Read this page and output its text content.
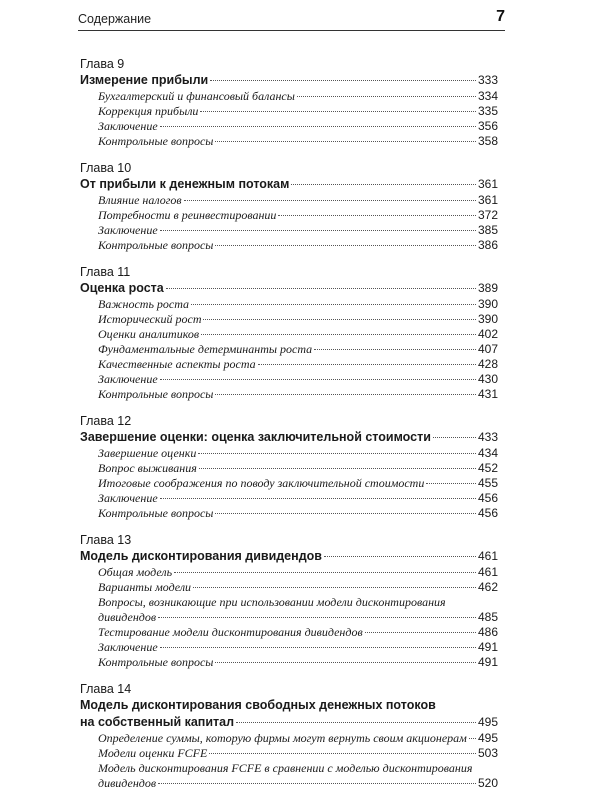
Содержание	7
Глава 9
Измерение прибыли	333
Бухгалтерский и финансовый балансы	334
Коррекция прибыли	335
Заключение	356
Контрольные вопросы	358
Глава 10
От прибыли к денежным потокам	361
Влияние налогов	361
Потребности в реинвестировании	372
Заключение	385
Контрольные вопросы	386
Глава 11
Оценка роста	389
Важность роста	390
Исторический рост	390
Оценки аналитиков	402
Фундаментальные детерминанты роста	407
Качественные аспекты роста	428
Заключение	430
Контрольные вопросы	431
Глава 12
Завершение оценки: оценка заключительной стоимости	433
Завершение оценки	434
Вопрос выживания	452
Итоговые соображения по поводу заключительной стоимости	455
Заключение	456
Контрольные вопросы	456
Глава 13
Модель дисконтирования дивидендов	461
Общая модель	461
Варианты модели	462
Вопросы, возникающие при использовании модели дисконтирования
дивидендов	485
Тестирование модели дисконтирования дивидендов	486
Заключение	491
Контрольные вопросы	491
Глава 14
Модель дисконтирования свободных денежных потоков
на собственный капитал	495
Определение суммы, которую фирмы могут вернуть своим акционерам 495
Модели оценки FCFE	503
Модель дисконтирования FCFE в сравнении с моделью дисконтирования
дивидендов	520
